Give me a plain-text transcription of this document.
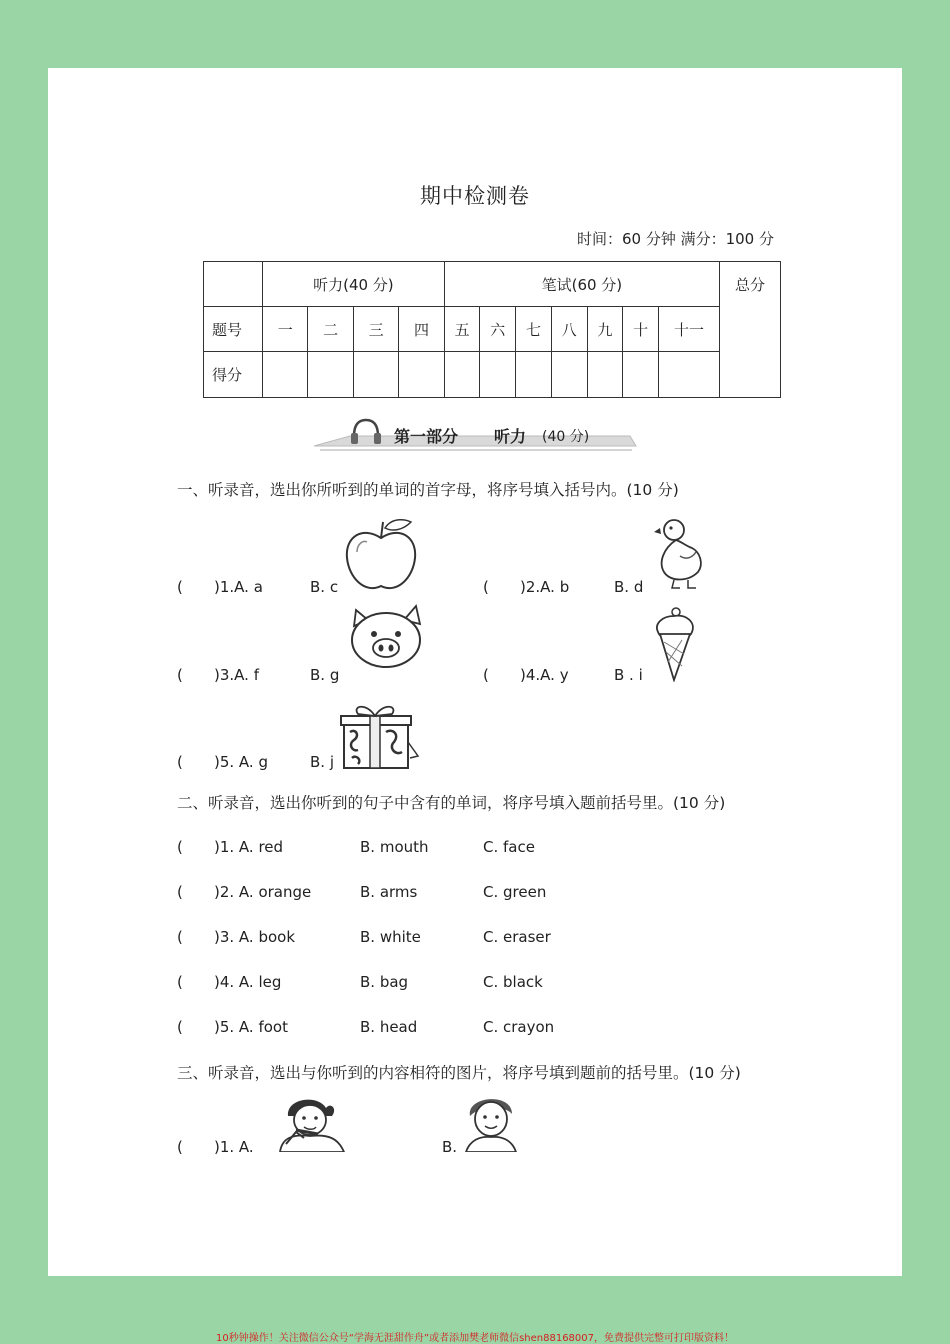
期中检测卷
时间：60 分钟 满分：100 分
	听力(40 分)				笔试(60 分)							总分
题号	一	二	三	四	五	六	七	八	九	十	十一	
得分												
第一部分 听力 (40 分)
一、听录音，选出你所听到的单词的首字母，将序号填入括号内。(10 分)
( )1.A. a	B. c	( )2.A. b	B. d
( )3.A. f	B. g	( )4.A. y	B . i
( )5. A. g	B. j
二、听录音，选出你听到的句子中含有的单词，将序号填入题前括号里。(10 分)
( )1. A. red	B. mouth	C. face
( )2. A. orange	B. arms	C. green
( )3. A. book	B. white	C. eraser
( )4. A. leg	B. bag	C. black
( )5. A. foot	B. head	C. crayon
三、听录音，选出与你听到的内容相符的图片，将序号填到题前的括号里。(10 分)
( )1. A.	B.
10秒钟操作！关注微信公众号“学海无涯甜作舟”或者添加樊老师微信shen88168007，免费提供完整可打印版资料！
